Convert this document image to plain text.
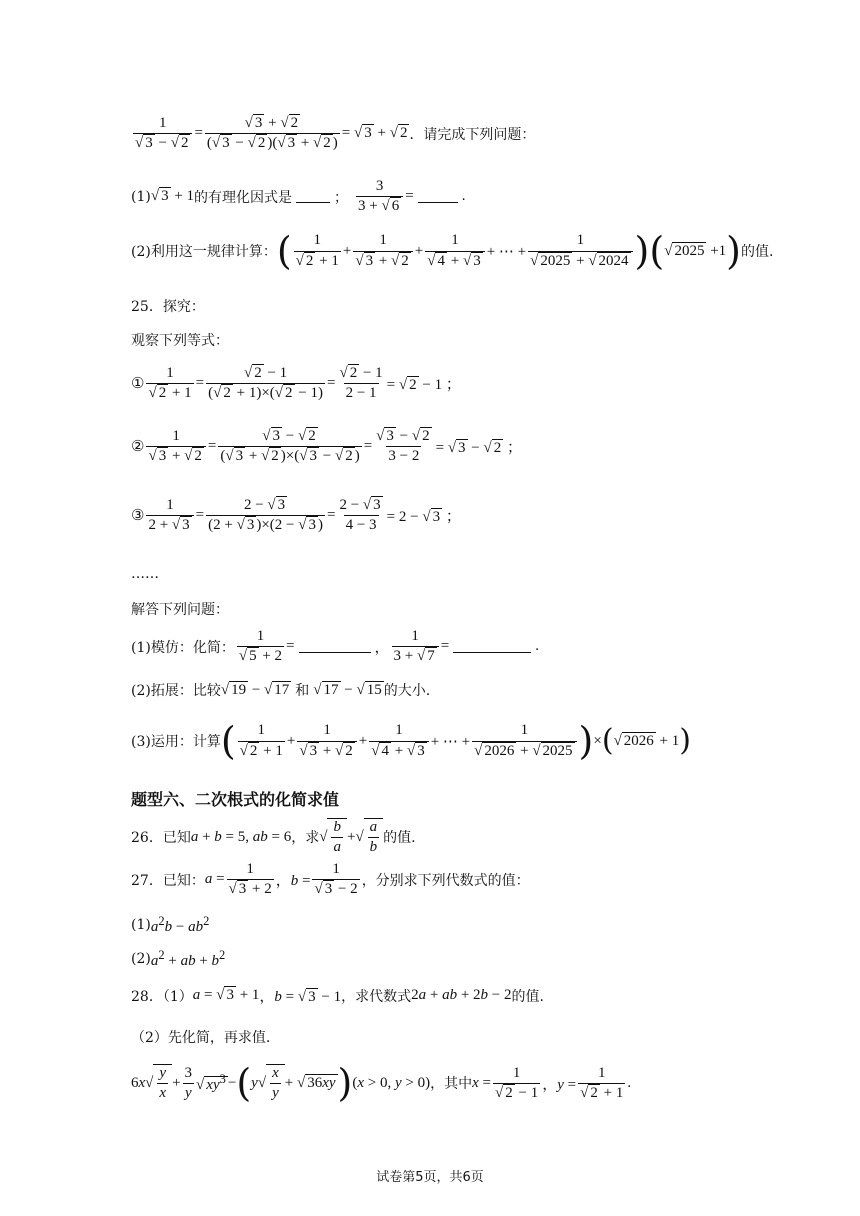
1
√ 3 − √ 2 = √ $\frac{3 + √ 2}{( √ 3 - √ 2 )( √ 3 + √ 2 )}$ = √ 3 + √ 2 ．请完成下列问题：
(1) √ 3 + 1 的有理化因式是	； $\frac{3}{3 + √ 6}$ =	.
(2)利用这一规律计算： ( 1
√ 2 + 1 + 1
√ 3 + √ 2 + 1
√ 4 + √ 3 + ⋯ + 1
√ 2025 + √ 2024 ) ( √ 2025 +1 ) 的值.
25．探究：
观察下列等式：
① 1
√ 2 + 1 = √ $\frac{2 - 1}{( √ 2 + 1)\times( √ 2 - 1)}$ = √ $\frac{2 - 1}{2 - 1}$ = √ 2 − 1 ；
② 1
√ 3 + √ 2 = √ $\frac{3 - √ 2}{( √ 3 + √ 2 )\times( √ 3 - √ 2 )}$ = √ $\frac{3 - √ 2}{3 - 2}$ = √ 3 − √ 2 ；
③ $\frac{1}{2 + √ 3} = \frac{2 - √ 3}{(2 + √ 3 )\times(2 - √ 3 )} = \frac{2 - √ 3}{4 - 3} = 2$ − √ 3 ；
……
解答下列问题：
(1)模仿：化简： 1
√ 5 + 2 =	， $\frac{1}{3 + √ 7}$ =	.
(2)拓展：比较 √ 19 − √ 17 和 √ 17 − √ 15 的大小.
(3)运用：计算 ( 1
√ 2 + 1 + 1
√ 3 + √ 2 + 1
√ 4 + √ 3 + ⋯ + 1
√ 2026 + √ 2025 ) × ( √ 2026 + 1 )
题型六、二次根式的化简求值
26．已知 a + b = 5, ab = 6 ，求
√ $\frac{b}{a}$ +
√ $\frac{a}{b}$ 的值.
27．已知： a = 1
√ 3 + 2 ，b = 1
√ 3 − 2 ，分别求下列代数式的值：
(1) $a^2b - ab^2$
(2) $a^2$ + ab + $b^2$
28．（1） a = √ 3 + 1 ，b = √ 3 − 1 ，求代数式 2a + ab + 2b − 2 的值.
（2）先化简，再求值.
6x
√ $\frac{y}{x} + \frac{3}{y}$ √ $xy^3$ − ( y
√ $\frac{x}{y}$ + √ 36xy ) (x > 0, y > 0) ，其中 x = 1
√ 2 − 1 ，y = 1
√ 2 + 1 .
试卷第5页，共6页
